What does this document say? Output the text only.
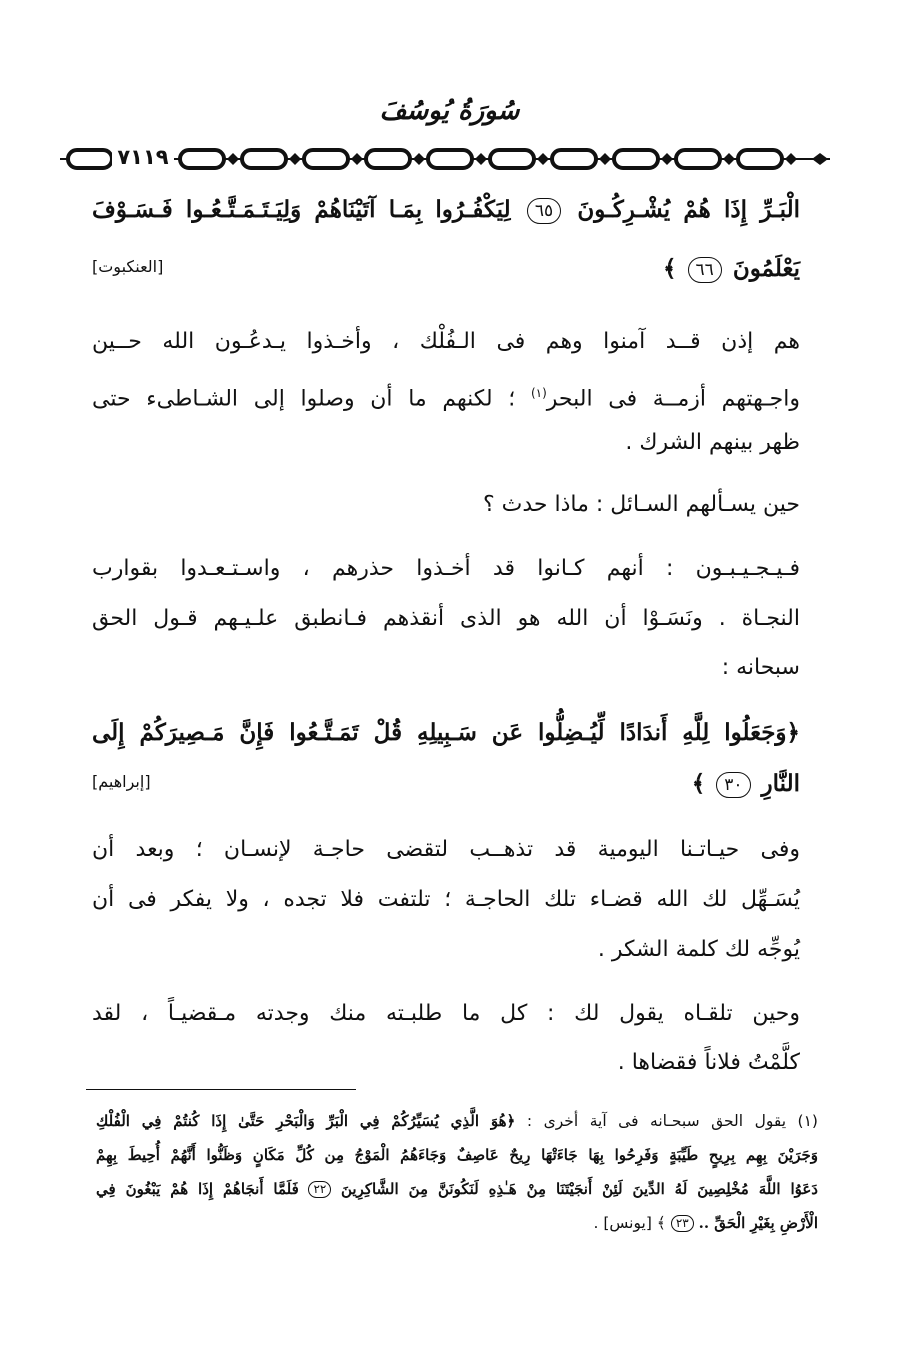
سُورَةُ يُوسُفَ
٧١١٩

الْبَـرِّ إِذَا هُمْ يُشْـرِكُـونَ ٦٥ لِيَكْفُـرُوا بِمَـا آتَيْنَاهُمْ وَلِيَـتَـمَـتَّـعُـوا فَـسَـوْفَ

يَعْلَمُونَ ٦٦ ﴾

[العنكبوت]

هم إذن قــد آمنوا وهم فى الـفُلْك ، وأخـذوا يـدعُـون الله حــين

واجـهتهم أزمــة فى البحر$^{(١)}$ ؛ لكنهم ما أن وصلوا إلى الشـاطىء حتى

ظهر بينهم الشرك .

حين يسـألهم السـائل : ماذا حدث ؟

فـيـجـيـبـون : أنهم كـانوا قد أخـذوا حذرهم ، واسـتـعـدوا بقوارب

النجـاة . ونَسَـوْا أن الله هو الذى أنقذهم فـانطبق علـيـهم قـول الحق

سبحانه :

﴿وَجَعَلُوا لِلَّهِ أَندَادًا لِّيُـضِلُّوا عَن سَـبِيلِهِ قُلْ تَمَـتَّـعُوا فَإِنَّ مَـصِيرَكُمْ إِلَى

النَّارِ ٣٠ ﴾

[إبراهيم]

وفى حيـاتـنا اليومية قد تذهــب لتقضى حاجـة لإنسـان ؛ وبعد أن

يُسَـهِّل لك الله قضـاء تلك الحاجـة ؛ تلتفت فلا تجده ، ولا يفكر فى أن

يُوجِّه لك كلمة الشكر .

وحين تلقـاه يقول لك : كل ما طلبـته منك وجدته مـقضيـاً ، لقد

كلَّمْتُ فلاناً فقضاها .

(١) يقول الحق سبحـانه فى آية أخرى : ﴿هُوَ الَّذِي يُسَيِّرُكُمْ فِي الْبَرِّ وَالْبَحْرِ حَتَّىٰ إِذَا كُنتُمْ فِي الْفُلْكِ

وَجَرَيْنَ بِهِم بِرِيحٍ طَيِّبَةٍ وَفَرِحُوا بِهَا جَاءَتْهَا رِيحٌ عَاصِفٌ وَجَاءَهُمُ الْمَوْجُ مِن كُلِّ مَكَانٍ وَظَنُّوا أَنَّهُمْ أُحِيطَ بِهِمْ

دَعَوُا اللَّهَ مُخْلِصِينَ لَهُ الدِّينَ لَئِنْ أَنجَيْتَنَا مِنْ هَـٰذِهِ لَنَكُونَنَّ مِنَ الشَّاكِرِينَ ٢٢ فَلَمَّا أَنجَاهُمْ إِذَا هُمْ يَبْغُونَ فِي

الْأَرْضِ بِغَيْرِ الْحَقِّ .. ٢٣ ﴾ [يونس] .
